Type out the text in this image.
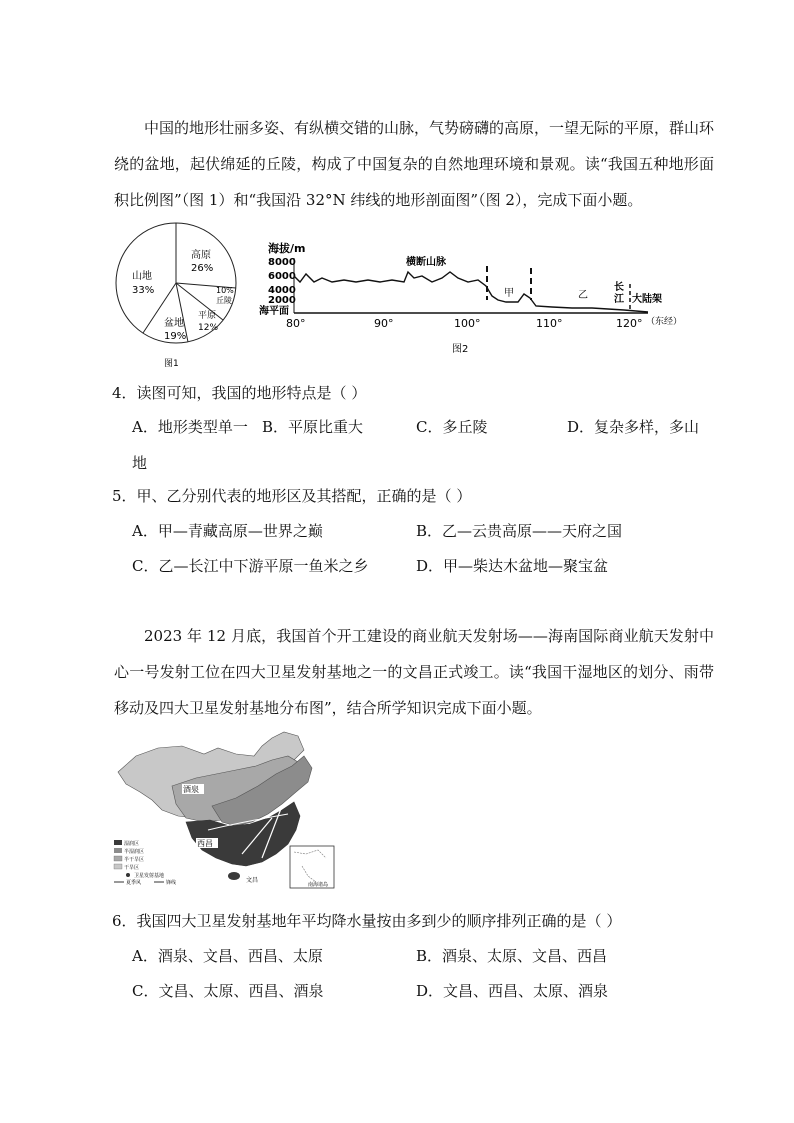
中国的地形壮丽多姿、有纵横交错的山脉，气势磅礴的高原，一望无际的平原，群山环绕的盆地，起伏绵延的丘陵，构成了中国复杂的自然地理环境和景观。读“我国五种地形面积比例图”（图 1）和“我国沿 32°N 纬线的地形剖面图”（图 2），完成下面小题。
高原
26%
10%
丘陵
平原
12%
盆地
19%
山地
33%
图1
海拔/m
8000
6000
4000
2000
海平面
横断山脉
甲	乙
长
江 大陆架
80°	90°	100°	110°	120° （东经）
图2
4．读图可知，我国的地形特点是（ ）
A．地形类型单一 B．平原比重大	C．多丘陵	D．复杂多样，多山
地
5．甲、乙分别代表的地形区及其搭配，正确的是（ ）
A．甲—青藏高原—世界之巅	B．乙—云贵高原——天府之国
C．乙—长江中下游平原一鱼米之乡	D．甲—柴达木盆地—聚宝盆
2023 年 12 月底，我国首个开工建设的商业航天发射场——海南国际商业航天发射中心一号发射工位在四大卫星发射基地之一的文昌正式竣工。读“我国干湿地区的划分、雨带移动及四大卫星发射基地分布图”，结合所学知识完成下面小题。
酒泉
西昌
文昌
湿润区
半湿润区
半干旱区
干旱区
卫星发射基地
夏季风	锋线	南海诸岛
6．我国四大卫星发射基地年平均降水量按由多到少的顺序排列正确的是（ ）
A．酒泉、文昌、西昌、太原	B．酒泉、太原、文昌、西昌
C．文昌、太原、西昌、酒泉	D．文昌、西昌、太原、酒泉
